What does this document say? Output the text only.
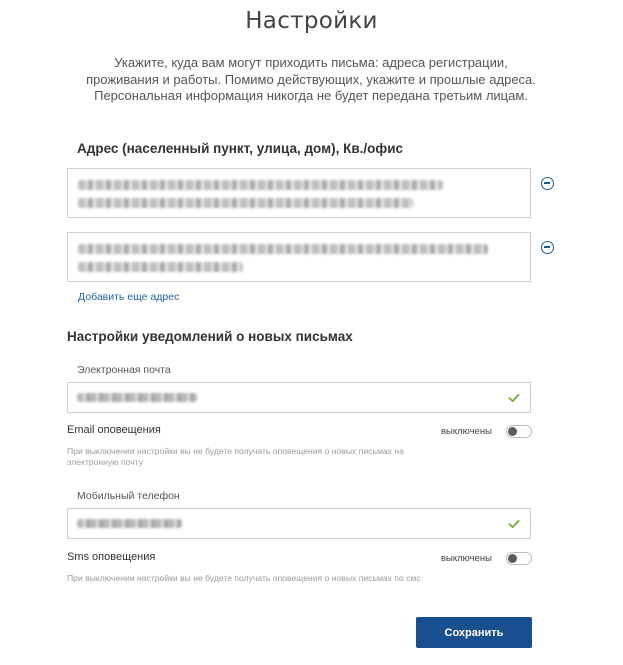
Настройки

Укажите, куда вам могут приходить письма: адреса регистрации, проживания и работы. Помимо действующих, укажите и прошлые адреса. Персональная информация никогда не будет передана третьим лицам.

Адрес (населенный пункт, улица, дом), Кв./офис
Добавить еще адрес
Настройки уведомлений о новых письмах
Электронная почта
Email оповещения	выключены
При выключении настройки вы не будете получать оповещения о новых письмах на электронную почту
Мобильный телефон
Sms оповещения	выключены
При выключении настройки вы не будете получать оповещения о новых письмах по смс
Сохранить
